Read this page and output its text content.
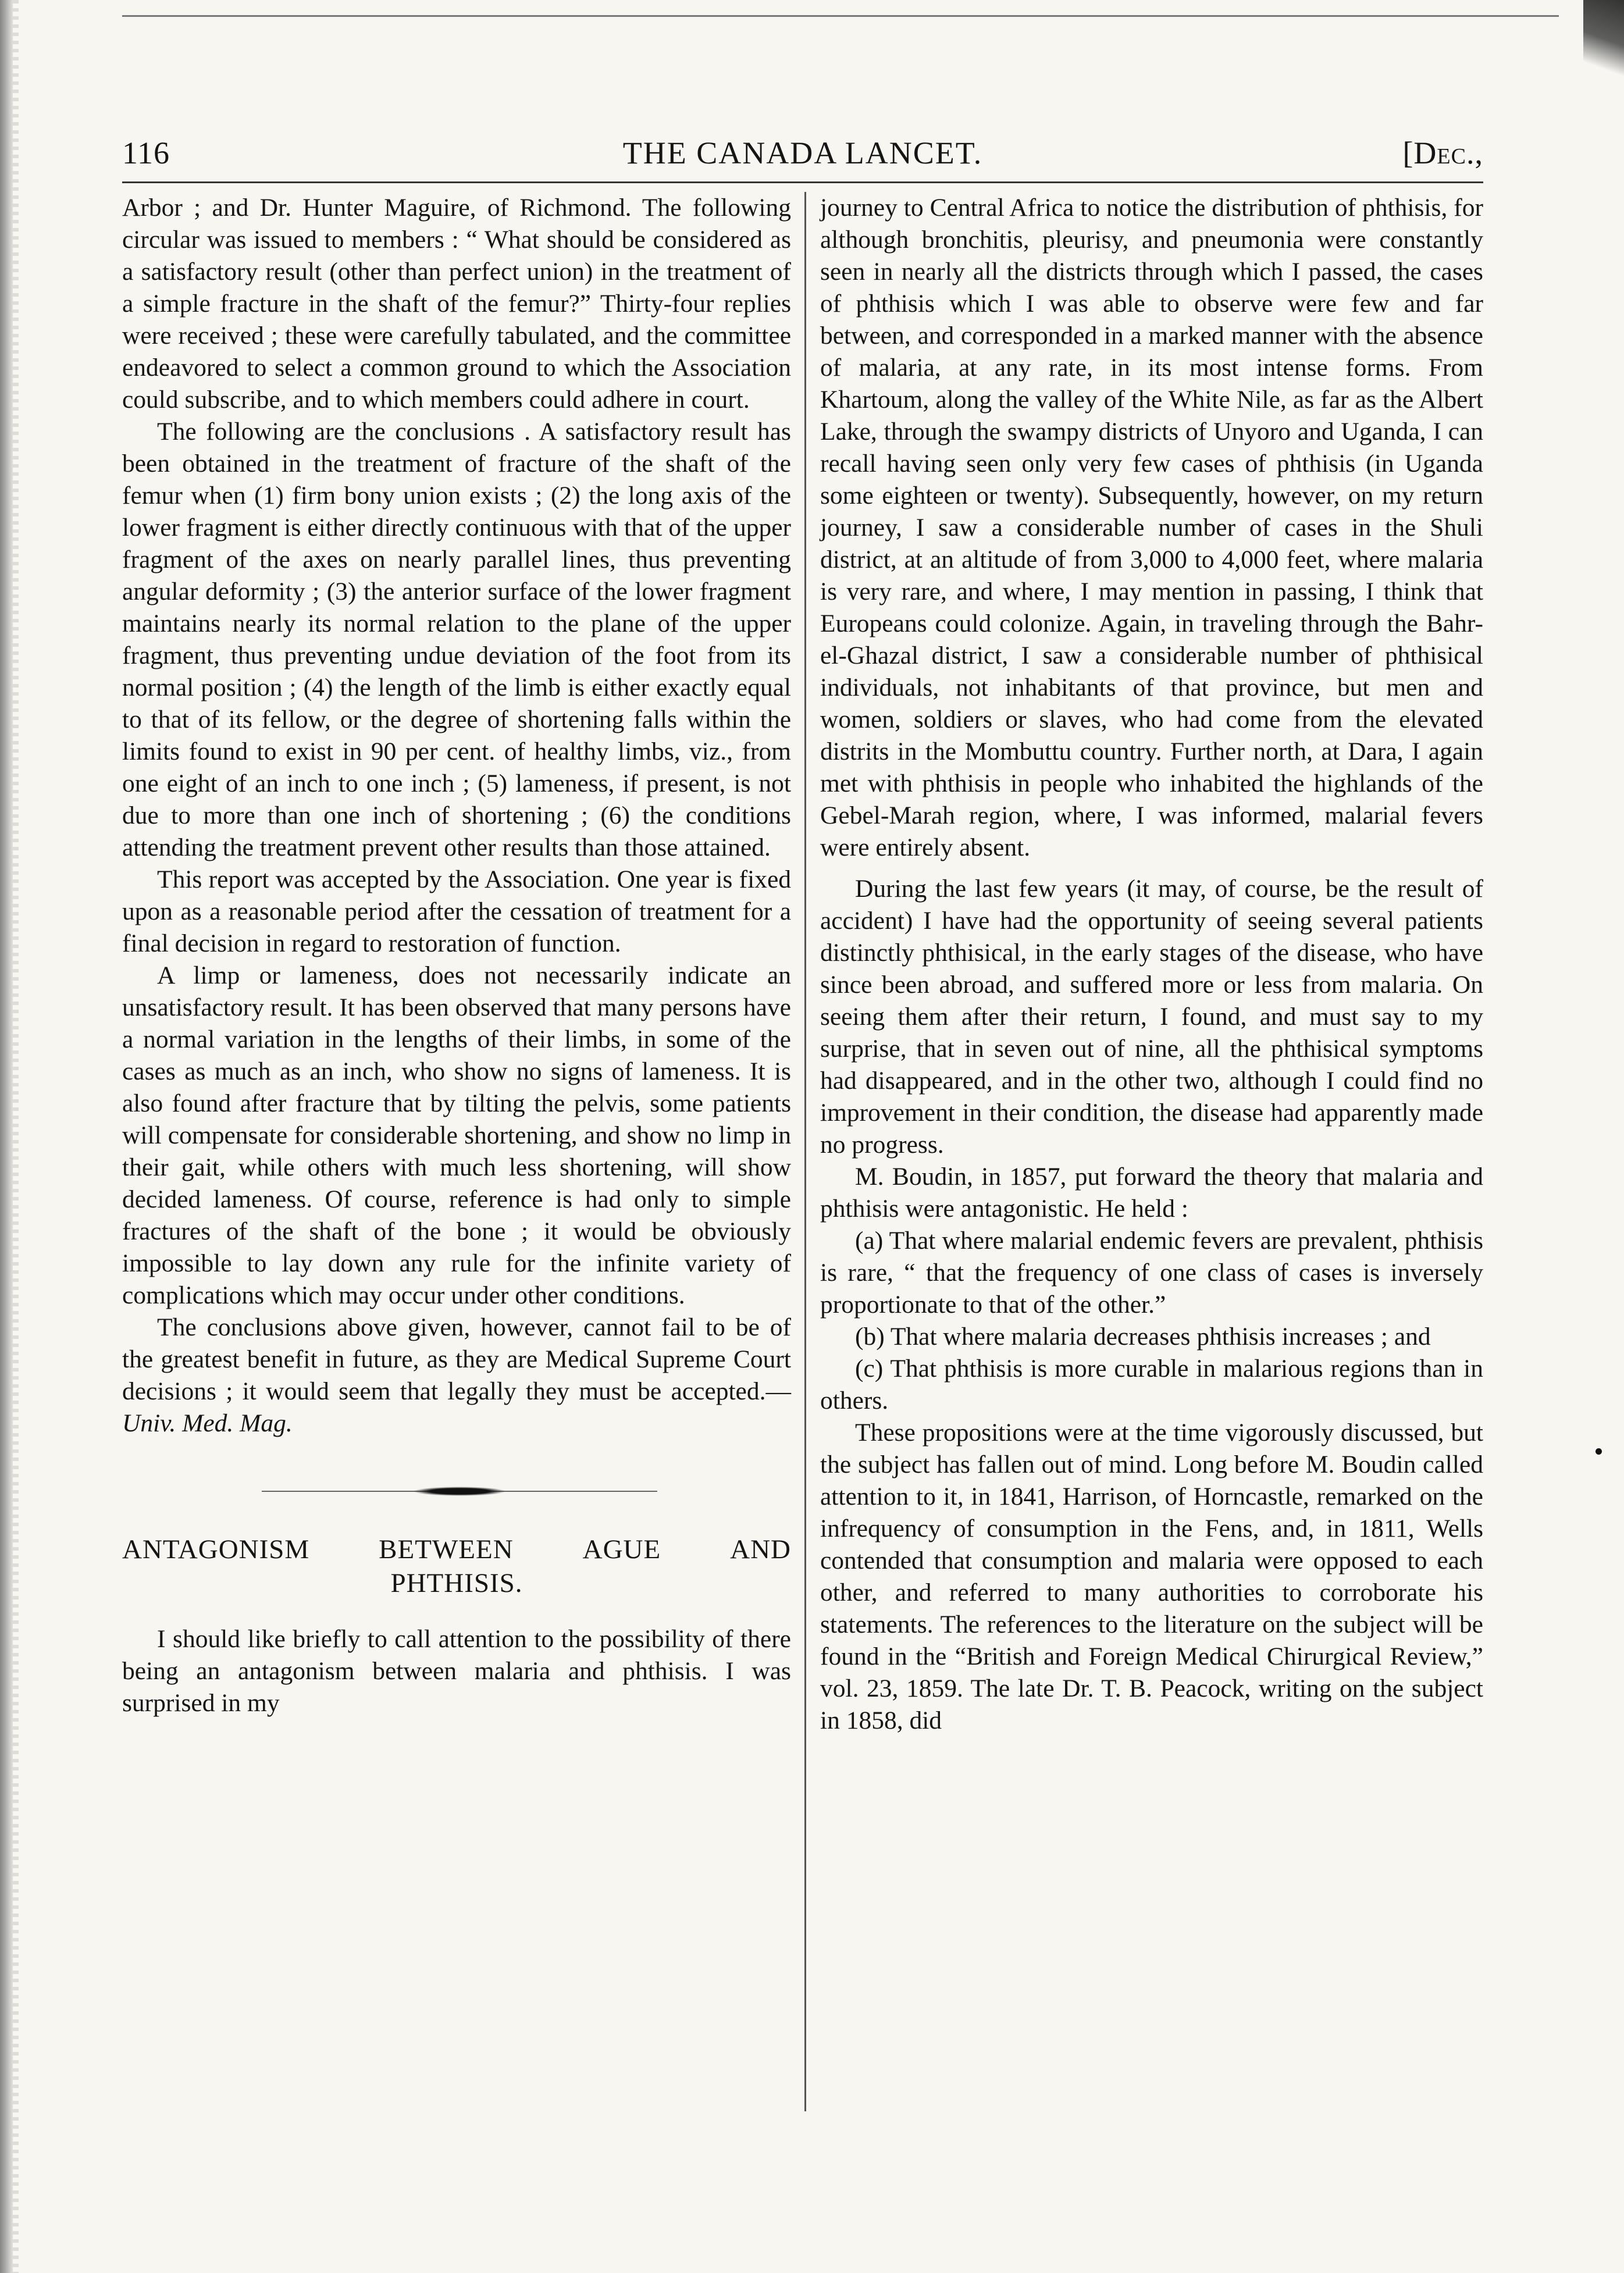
116	THE CANADA LANCET.	[Dec.,

Arbor ; and Dr. Hunter Maguire, of Richmond. The following circular was issued to members : “ What should be considered as a satisfactory result (other than perfect union) in the treatment of a simple fracture in the shaft of the femur?” Thirty-four replies were received ; these were carefully tabulated, and the committee endeavored to select a common ground to which the Association could subscribe, and to which members could adhere in court.

The following are the conclusions . A satisfactory result has been obtained in the treatment of fracture of the shaft of the femur when (1) firm bony union exists ; (2) the long axis of the lower fragment is either directly continuous with that of the upper fragment of the axes on nearly parallel lines, thus preventing angular deformity ; (3) the anterior surface of the lower fragment maintains nearly its normal relation to the plane of the upper fragment, thus preventing undue deviation of the foot from its normal position ; (4) the length of the limb is either exactly equal to that of its fellow, or the degree of shortening falls within the limits found to exist in 90 per cent. of healthy limbs, viz., from one eight of an inch to one inch ; (5) lameness, if present, is not due to more than one inch of shortening ; (6) the conditions attending the treatment prevent other results than those attained.

This report was accepted by the Association. One year is fixed upon as a reasonable period after the cessation of treatment for a final decision in regard to restoration of function.

A limp or lameness, does not necessarily indicate an unsatisfactory result. It has been observed that many persons have a normal variation in the lengths of their limbs, in some of the cases as much as an inch, who show no signs of lameness. It is also found after fracture that by tilting the pelvis, some patients will compensate for considerable shortening, and show no limp in their gait, while others with much less shortening, will show decided lameness. Of course, reference is had only to simple fractures of the shaft of the bone ; it would be obviously impossible to lay down any rule for the infinite variety of complications which may occur under other conditions.

The conclusions above given, however, cannot fail to be of the greatest benefit in future, as they are Medical Supreme Court decisions ; it would seem that legally they must be accepted.—Univ. Med. Mag.

ANTAGONISM	BETWEEN	AGUE	AND
PHTHISIS.

I should like briefly to call attention to the possibility of there being an antagonism between malaria and phthisis. I was surprised in my

journey to Central Africa to notice the distribution of phthisis, for although bronchitis, pleurisy, and pneumonia were constantly seen in nearly all the districts through which I passed, the cases of phthisis which I was able to observe were few and far between, and corresponded in a marked manner with the absence of malaria, at any rate, in its most intense forms. From Khartoum, along the valley of the White Nile, as far as the Albert Lake, through the swampy districts of Unyoro and Uganda, I can recall having seen only very few cases of phthisis (in Uganda some eighteen or twenty). Subsequently, however, on my return journey, I saw a considerable number of cases in the Shuli district, at an altitude of from 3,000 to 4,000 feet, where malaria is very rare, and where, I may mention in passing, I think that Europeans could colonize. Again, in traveling through the Bahr-el-Ghazal district, I saw a considerable number of phthisical individuals, not inhabitants of that province, but men and women, soldiers or slaves, who had come from the elevated distrits in the Mombuttu country. Further north, at Dara, I again met with phthisis in people who inhabited the highlands of the Gebel-Marah region, where, I was informed, malarial fevers were entirely absent.

During the last few years (it may, of course, be the result of accident) I have had the opportunity of seeing several patients distinctly phthisical, in the early stages of the disease, who have since been abroad, and suffered more or less from malaria. On seeing them after their return, I found, and must say to my surprise, that in seven out of nine, all the phthisical symptoms had disappeared, and in the other two, although I could find no improvement in their condition, the disease had apparently made no progress.

M. Boudin, in 1857, put forward the theory that malaria and phthisis were antagonistic. He held :

(a) That where malarial endemic fevers are prevalent, phthisis is rare, “ that the frequency of one class of cases is inversely proportionate to that of the other.”

(b) That where malaria decreases phthisis increases ; and

(c) That phthisis is more curable in malarious regions than in others.

These propositions were at the time vigorously discussed, but the subject has fallen out of mind. Long before M. Boudin called attention to it, in 1841, Harrison, of Horncastle, remarked on the infrequency of consumption in the Fens, and, in 1811, Wells contended that consumption and malaria were opposed to each other, and referred to many authorities to corroborate his statements. The references to the literature on the subject will be found in the “British and Foreign Medical Chirurgical Review,” vol. 23, 1859. The late Dr. T. B. Peacock, writing on the subject in 1858, did
